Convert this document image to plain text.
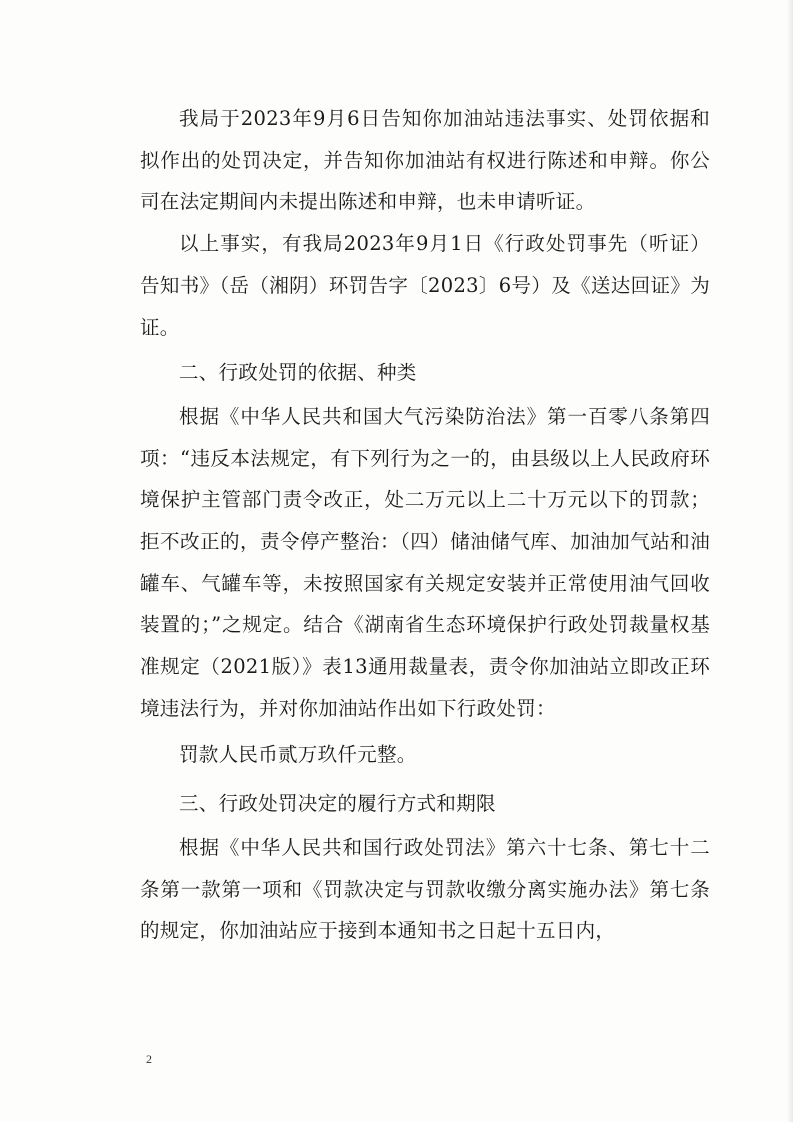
我局于2023年9月6日告知你加油站违法事实、处罚依据和拟作出的处罚决定，并告知你加油站有权进行陈述和申辩。你公司在法定期间内未提出陈述和申辩，也未申请听证。

以上事实，有我局2023年9月1日《行政处罚事先（听证）告知书》（岳（湘阴）环罚告字〔2023〕6号）及《送达回证》为证。

二、行政处罚的依据、种类

根据《中华人民共和国大气污染防治法》第一百零八条第四项：“违反本法规定，有下列行为之一的，由县级以上人民政府环境保护主管部门责令改正，处二万元以上二十万元以下的罚款；拒不改正的，责令停产整治：（四）储油储气库、加油加气站和油罐车、气罐车等，未按照国家有关规定安装并正常使用油气回收装置的；”之规定。结合《湖南省生态环境保护行政处罚裁量权基准规定（2021版）》表13通用裁量表，责令你加油站立即改正环境违法行为，并对你加油站作出如下行政处罚：

罚款人民币贰万玖仟元整。

三、行政处罚决定的履行方式和期限

根据《中华人民共和国行政处罚法》第六十七条、第七十二条第一款第一项和《罚款决定与罚款收缴分离实施办法》第七条的规定，你加油站应于接到本通知书之日起十五日内，

2
